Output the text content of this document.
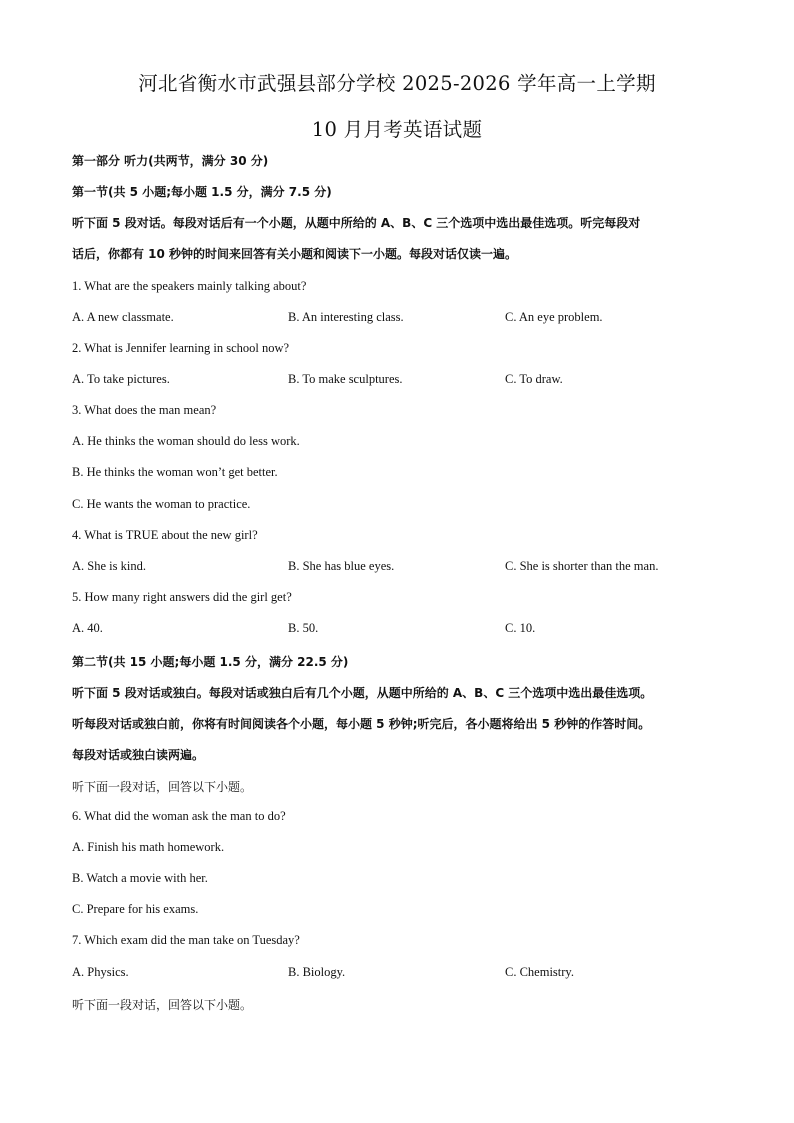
河北省衡水市武强县部分学校 2025-2026 学年高一上学期
10 月月考英语试题
第一部分 听力(共两节，满分 30 分)
第一节(共 5 小题;每小题 1.5 分，满分 7.5 分)
听下面 5 段对话。每段对话后有一个小题，从题中所给的 A、B、C 三个选项中选出最佳选项。听完每段对
话后，你都有 10 秒钟的时间来回答有关小题和阅读下一小题。每段对话仅读一遍。
1. What are the speakers mainly talking about?
A. A new classmate.	B. An interesting class.	C. An eye problem.
2. What is Jennifer learning in school now?
A. To take pictures.	B. To make sculptures.	C. To draw.
3. What does the man mean?
A. He thinks the woman should do less work.
B. He thinks the woman won’t get better.
C. He wants the woman to practice.
4. What is TRUE about the new girl?
A. She is kind.	B. She has blue eyes.	C. She is shorter than the man.
5. How many right answers did the girl get?
A. 40.	B. 50.	C. 10.
第二节(共 15 小题;每小题 1.5 分，满分 22.5 分)
听下面 5 段对话或独白。每段对话或独白后有几个小题，从题中所给的 A、B、C 三个选项中选出最佳选项。
听每段对话或独白前，你将有时间阅读各个小题，每小题 5 秒钟;听完后，各小题将给出 5 秒钟的作答时间。
每段对话或独白读两遍。
听下面一段对话，回答以下小题。
6. What did the woman ask the man to do?
A. Finish his math homework.
B. Watch a movie with her.
C. Prepare for his exams.
7. Which exam did the man take on Tuesday?
A. Physics.	B. Biology.	C. Chemistry.
听下面一段对话，回答以下小题。
